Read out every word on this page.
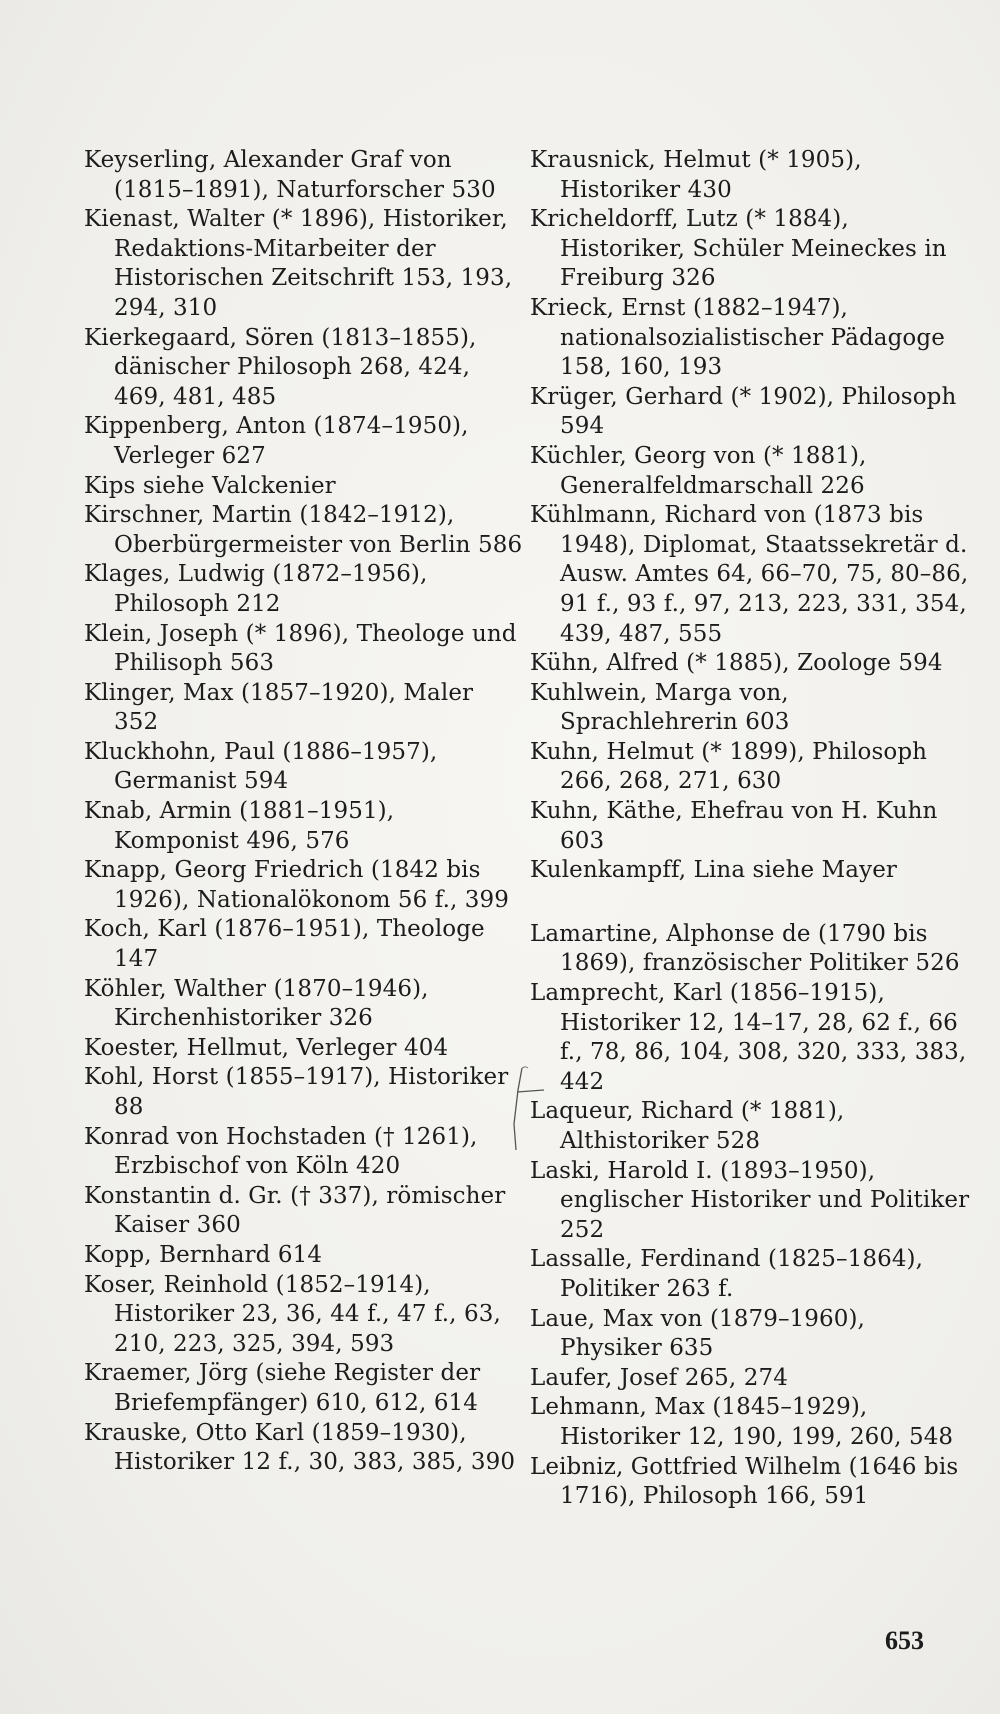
Keyserling, Alexander Graf von (1815–1891), Naturforscher 530

Kienast, Walter (* 1896), Historiker, Redaktions-Mitarbeiter der Historischen Zeitschrift 153, 193, 294, 310

Kierkegaard, Sören (1813–1855), dänischer Philosoph 268, 424, 469, 481, 485

Kippenberg, Anton (1874–1950), Verleger 627

Kips siehe Valckenier

Kirschner, Martin (1842–1912), Oberbürgermeister von Berlin 586

Klages, Ludwig (1872–1956), Philosoph 212

Klein, Joseph (* 1896), Theologe und Philisoph 563

Klinger, Max (1857–1920), Maler 352

Kluckhohn, Paul (1886–1957), Germanist 594

Knab, Armin (1881–1951), Komponist 496, 576

Knapp, Georg Friedrich (1842 bis 1926), Nationalökonom 56 f., 399

Koch, Karl (1876–1951), Theologe 147

Köhler, Walther (1870–1946), Kirchenhistoriker 326

Koester, Hellmut, Verleger 404

Kohl, Horst (1855–1917), Historiker 88

Konrad von Hochstaden († 1261), Erzbischof von Köln 420

Konstantin d. Gr. († 337), römischer Kaiser 360

Kopp, Bernhard 614

Koser, Reinhold (1852–1914), Historiker 23, 36, 44 f., 47 f., 63, 210, 223, 325, 394, 593

Kraemer, Jörg (siehe Register der Briefempfänger) 610, 612, 614

Krauske, Otto Karl (1859–1930), Historiker 12 f., 30, 383, 385, 390

Krausnick, Helmut (* 1905), Historiker 430

Kricheldorff, Lutz (* 1884), Historiker, Schüler Meineckes in Freiburg 326

Krieck, Ernst (1882–1947), nationalsozialistischer Pädagoge 158, 160, 193

Krüger, Gerhard (* 1902), Philosoph 594

Küchler, Georg von (* 1881), Generalfeldmarschall 226

Kühlmann, Richard von (1873 bis 1948), Diplomat, Staatssekretär d. Ausw. Amtes 64, 66–70, 75, 80–86, 91 f., 93 f., 97, 213, 223, 331, 354, 439, 487, 555

Kühn, Alfred (* 1885), Zoologe 594

Kuhlwein, Marga von, Sprachlehrerin 603

Kuhn, Helmut (* 1899), Philosoph 266, 268, 271, 630

Kuhn, Käthe, Ehefrau von H. Kuhn 603

Kulenkampff, Lina siehe Mayer

Lamartine, Alphonse de (1790 bis 1869), französischer Politiker 526

Lamprecht, Karl (1856–1915), Historiker 12, 14–17, 28, 62 f., 66 f., 78, 86, 104, 308, 320, 333, 383, 442

Laqueur, Richard (* 1881), Althistoriker 528

Laski, Harold I. (1893–1950), englischer Historiker und Politiker 252

Lassalle, Ferdinand (1825–1864), Politiker 263 f.

Laue, Max von (1879–1960), Physiker 635

Laufer, Josef 265, 274

Lehmann, Max (1845–1929), Historiker 12, 190, 199, 260, 548

Leibniz, Gottfried Wilhelm (1646 bis 1716), Philosoph 166, 591

653
